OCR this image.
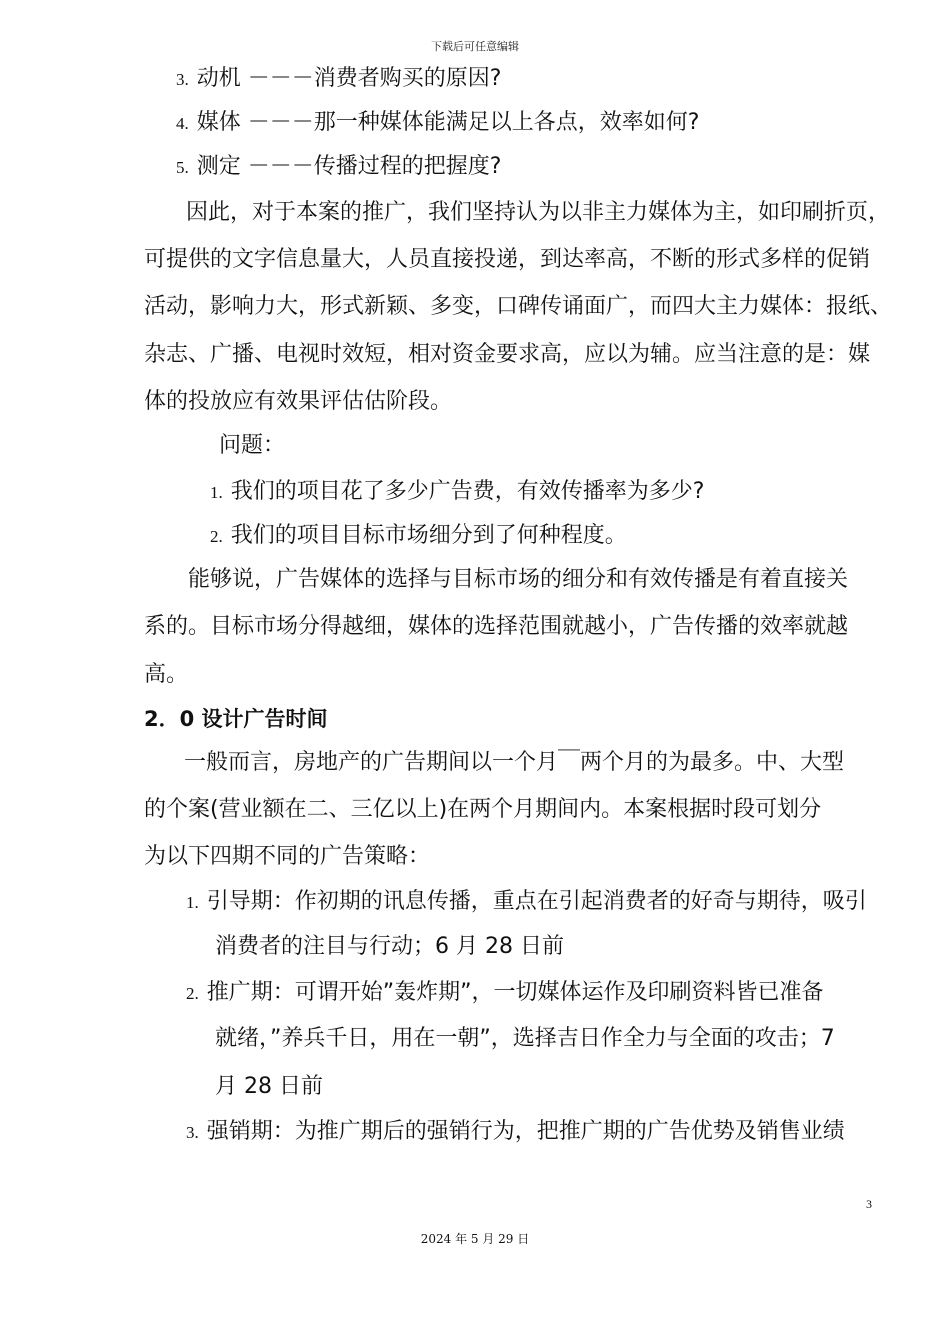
下载后可任意编辑
3. 动机 －－－消费者购买的原因?
4. 媒体 －－－那一种媒体能满足以上各点，效率如何?
5. 测定 －－－传播过程的把握度?
因此，对于本案的推广，我们坚持认为以非主力媒体为主，如印刷折页，
可提供的文字信息量大，人员直接投递，到达率高，不断的形式多样的促销
活动，影响力大，形式新颖、多变，口碑传诵面广，而四大主力媒体：报纸、
杂志、广播、电视时效短，相对资金要求高，应以为辅。应当注意的是：媒
体的投放应有效果评估估阶段。
问题：
1. 我们的项目花了多少广告费，有效传播率为多少?
2. 我们的项目目标市场细分到了何种程度。
能够说，广告媒体的选择与目标市场的细分和有效传播是有着直接关
系的。目标市场分得越细，媒体的选择范围就越小，广告传播的效率就越
高。
2．0 设计广告时间
一般而言，房地产的广告期间以一个月￣两个月的为最多。中、大型
的个案(营业额在二、三亿以上)在两个月期间内。本案根据时段可划分
为以下四期不同的广告策略：
1. 引导期：作初期的讯息传播，重点在引起消费者的好奇与期待，吸引
消费者的注目与行动；6 月 28 日前
2. 推广期：可谓开始”轰炸期”，一切媒体运作及印刷资料皆已准备
就绪，”养兵千日，用在一朝”，选择吉日作全力与全面的攻击；7
月 28 日前
3. 强销期：为推广期后的强销行为，把推广期的广告优势及销售业绩
3
2024 年 5 月 29 日
